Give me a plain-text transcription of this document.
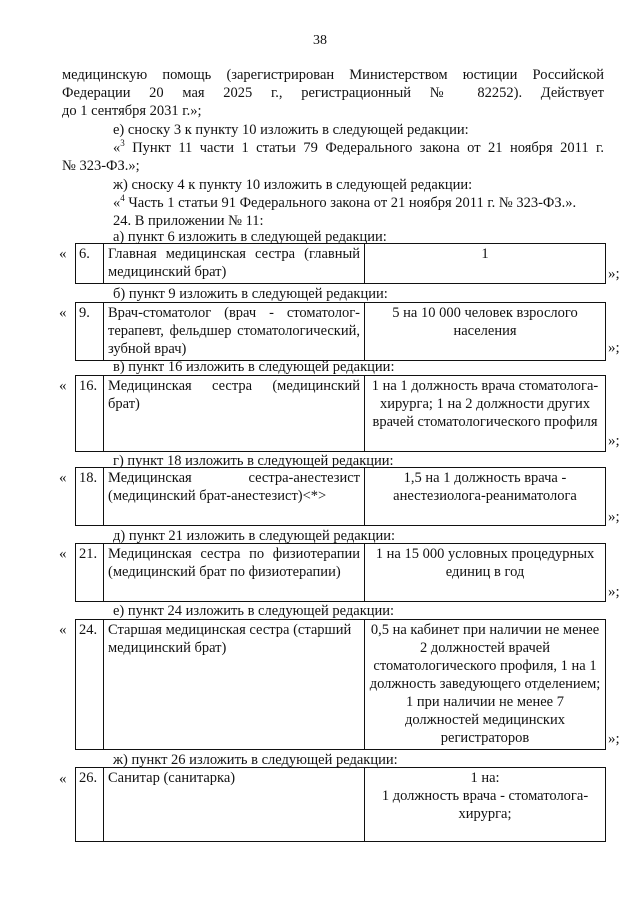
38
медицинскую помощь (зарегистрирован Министерством юстиции Российской
Федерации 20 мая 2025 г., регистрационный № 82252). Действует
до 1 сентября 2031 г.»;
е) сноску 3 к пункту 10 изложить в следующей редакции:
«$^3$ Пункт 11 части 1 статьи 79 Федерального закона от 21 ноября 2011 г.
№ 323-ФЗ.»;
ж) сноску 4 к пункту 10 изложить в следующей редакции:
«$^4$ Часть 1 статьи 91 Федерального закона от 21 ноября 2011 г. № 323-ФЗ.».
24. В приложении № 11:
а) пункт 6 изложить в следующей редакции:
« 6.	Главная медицинская сестра (главный медицинский брат)	1
»;
б) пункт 9 изложить в следующей редакции:
« 9.	Врач-стоматолог (врач - стоматолог-терапевт, фельдшер стоматологический, зубной врач)	5 на 10 000 человек взрослого населения
»;
в) пункт 16 изложить в следующей редакции:
« 16.	Медицинская сестра (медицинский брат)	1 на 1 должность врача стоматолога-хирурга; 1 на 2 должности других врачей стоматологического профиля
»;
г) пункт 18 изложить в следующей редакции:
« 18.	Медицинская сестра-анестезист (медицинский брат-анестезист)<*>	1,5 на 1 должность врача - анестезиолога-реаниматолога
»;
д) пункт 21 изложить в следующей редакции:
« 21.	Медицинская сестра по физиотерапии (медицинский брат по физиотерапии)	1 на 15 000 условных процедурных единиц в год
»;
е) пункт 24 изложить в следующей редакции:
« 24.	Старшая медицинская сестра (старший медицинский брат)	0,5 на кабинет при наличии не менее 2 должностей врачей стоматологического профиля, 1 на 1 должность заведующего отделением; 1 при наличии не менее 7 должностей медицинских регистраторов	»;
ж) пункт 26 изложить в следующей редакции:
« 26.	Санитар (санитарка)	1 на:
1 должность врача - стоматолога-хирурга;
